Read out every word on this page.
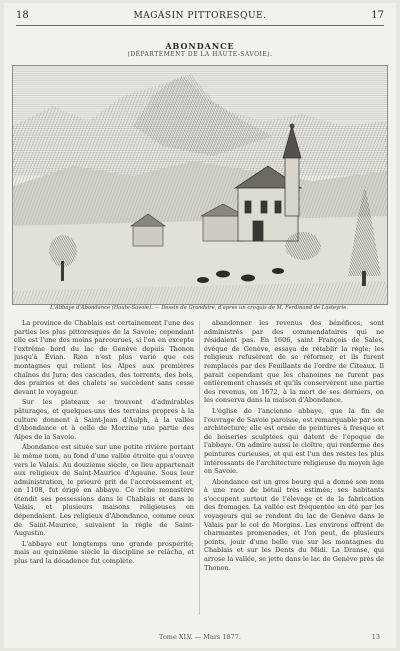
18	MAGASIN PITTORESQUE.	17
ABONDANCE
(DÉPARTEMENT DE LA HAUTE-SAVOIE).
L'Abbaye d'Abondance (Haute-Savoie). — Dessin de Grandsire, d'après un croquis de M. Ferdinand de Lasteyrie.

La province de Chablais est certainement l'une des parties les plus pittoresques de la Savoie; cependant elle est l'une des moins parcourues, si l'on en excepte l'extrême bord du lac de Genève depuis Thonon jusqu'à Évian. Rien n'est plus varié que ces montagnes qui relient les Alpes aux premières chaînes du Jura; des cascades, des torrents, des bois, des prairies et des chalets se succèdent sans cesse devant le voyageur.

Sur les plateaux se trouvent d'admirables pâturages, et quelques-uns des terrains propres à la culture donnent à Saint-Jean d'Aulph, à la vallée d'Abondance et à celle de Morzine une partie des Alpes de la Savoie.

Abondance est située sur une petite rivière portant le même nom, au fond d'une vallée étroite qui s'ouvre vers le Valais. Au douzième siècle, ce lieu appartenait aux religieux de Saint-Maurice d'Agaune. Sous leur administration, le prieuré prit de l'accroissement et, en 1108, fut érigé en abbaye. Ce riche monastère étendit ses possessions dans le Chablais et dans le Valais, et plusieurs maisons religieuses en dépendaient. Les religieux d'Abondance, comme ceux de Saint-Maurice, suivaient la règle de Saint-Augustin.

L'abbaye eut longtemps une grande prospérité; mais au quinzième siècle la discipline se relâcha, et plus tard la décadence fut complète.

abandonner les revenus des bénéfices, sont administrés par des commendataires qui ne résidaient pas. En 1606, saint François de Sales, évêque de Genève, essaya de rétablir la règle; les religieux refusèrent de se réformer, et ils furent remplacés par des Feuillants de l'ordre de Cîteaux. Il parait cependant que les chanoines ne furent pas entièrement chassés et qu'ils conservèrent une partie des revenus, en 1672, à la mort de ses derniers, on les conserva dans la maison d'Abondance.

L'église de l'ancienne abbaye, que la fin de l'ouvrage de Savoie paroisse, est remarquable par son architecture; elle est ornée de peintures à fresque et de boiseries sculptées qui datent de l'époque de l'abbaye. On admire aussi le cloître, qui renferme des peintures curieuses, et qui est l'un des restes les plus intéressants de l'architecture religieuse du moyen âge en Savoie.

Abondance est un gros bourg qui a donné son nom à une race de bétail très estimée; ses habitants s'occupent surtout de l'élevage et de la fabrication des fromages. La vallée est fréquentée en été par les voyageurs qui se rendent du lac de Genève dans le Valais par le col de Morgins. Les environs offrent de charmantes promenades, et l'on peut, de plusieurs points, jouir d'une belle vue sur les montagnes du Chablais et sur les Dents du Midi. La Dranse, qui arrose la vallée, se jette dans le lac de Genève près de Thonon.

Tome XLV. — Mars 1877.	13
